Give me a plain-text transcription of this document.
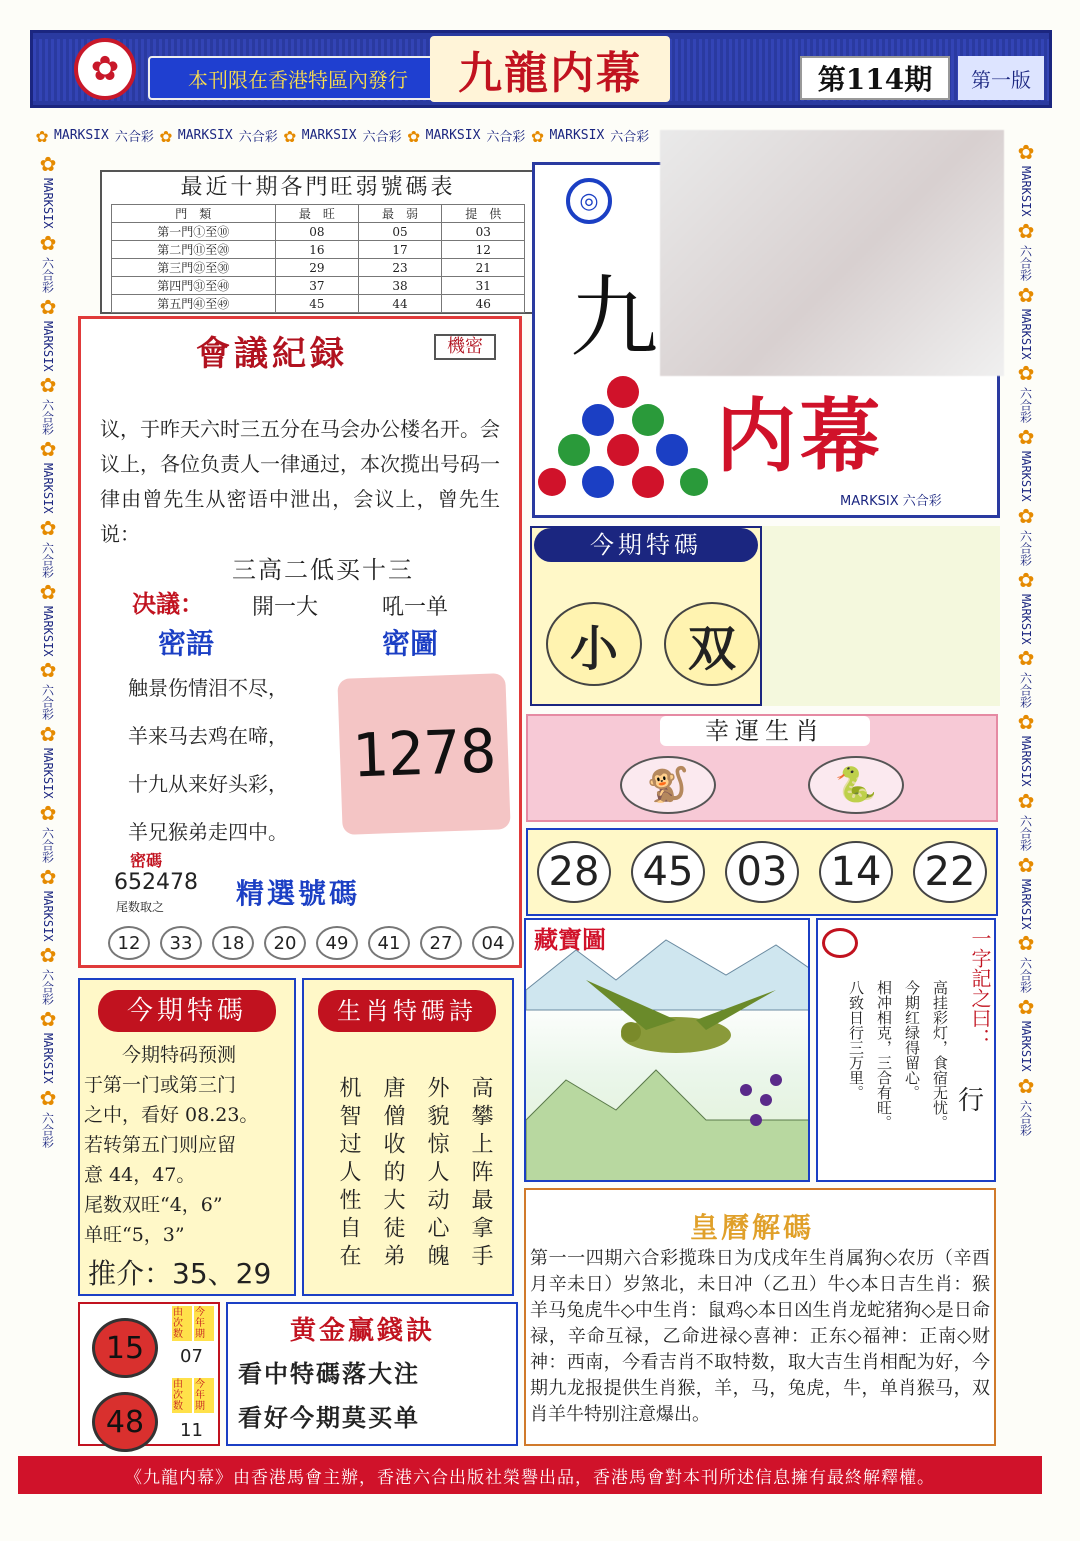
✿	本刊限在香港特區內發行	九龍内幕	第114期	第一版
✿ MARKSIX 六合彩 ✿ MARKSIX 六合彩 ✿ MARKSIX 六合彩 ✿ MARKSIX 六合彩 ✿ MARKSIX 六合彩
✿
MARKSIX
✿
六合彩
✿
MARKSIX
✿
六合彩
✿
MARKSIX
✿
六合彩
✿
MARKSIX
✿
六合彩
✿
MARKSIX
✿
六合彩
✿
MARKSIX
✿
六合彩
✿
MARKSIX
✿
六合彩
✿
MARKSIX
✿
六合彩
✿
MARKSIX
✿
六合彩
✿
MARKSIX
✿
六合彩
✿
MARKSIX
✿
六合彩
✿
MARKSIX
✿
六合彩
✿
MARKSIX
✿
六合彩
✿
MARKSIX
✿
六合彩
最近十期各門旺弱號碼表
門　類	最　旺	最　弱	提　供
第一門①至⑩	08	05	03
第二門⑪至⑳	16	17	12
第三門㉑至㉚	29	23	21
第四門㉛至㊵	37	38	31
第五門㊶至㊾	45	44	46
會議紀録	機密
议，于昨天六时三五分在马会办公楼名开。会议上，各位负责人一律通过，本次揽出号码一律由曾先生从密语中泄出，会议上，曾先生说：
三高二低买十三
决議： 開一大	吼一单
密語	密圖
触景伤情泪不尽，
羊来马去鸡在啼，
十九从来好头彩，
羊兄猴弟走四中。
1278
密碼
652478
尾数取之	精選號碼
12	33	18	20	49	41	27	04
◎
九
内幕
MARKSIX 六合彩
今期特碼
小	双
幸運生肖
🐒	🐍
28 45 03 14 22
藏寶圖	一字記之曰：
高挂彩灯，食宿无忧。
今期红绿得留心。
相冲相克，三合有旺。
八致日行三万里。
行
今期特碼
今期特码预测
于第一门或第三门
之中，看好 08.23。
若转第五门则应留
意 44，47。
尾数双旺“4，6”
单旺“5，3”
推介：35、29
生肖特碼詩
高攀上阵最拿手
外貌惊人动心魄
唐僧收的大徒弟
机智过人性自在	皇曆解碼
第一一四期六合彩揽珠日为戊戌年生肖属狗◇农历（辛酉月辛未日）岁煞北，未日冲（乙丑）牛◇本日吉生肖：猴羊马兔虎牛◇中生肖：鼠鸡◇本日凶生肖龙蛇猪狗◇是日命禄，辛命互禄，乙命进禄◇喜神：正东◇福神：正南◇财神：西南，今看吉肖不取特数，取大吉生肖相配为好，今期九龙报提供生肖猴，羊，马，兔虎，牛，单肖猴马，双肖羊牛特别注意爆出。
15
由次数
今年期
07
48
由次数
今年期
11
黄金赢錢訣
看中特碼落大注
看好今期莫买单
《九龍内幕》由香港馬會主辦，香港六合出版社榮譽出品，香港馬會對本刊所述信息擁有最終解釋權。
